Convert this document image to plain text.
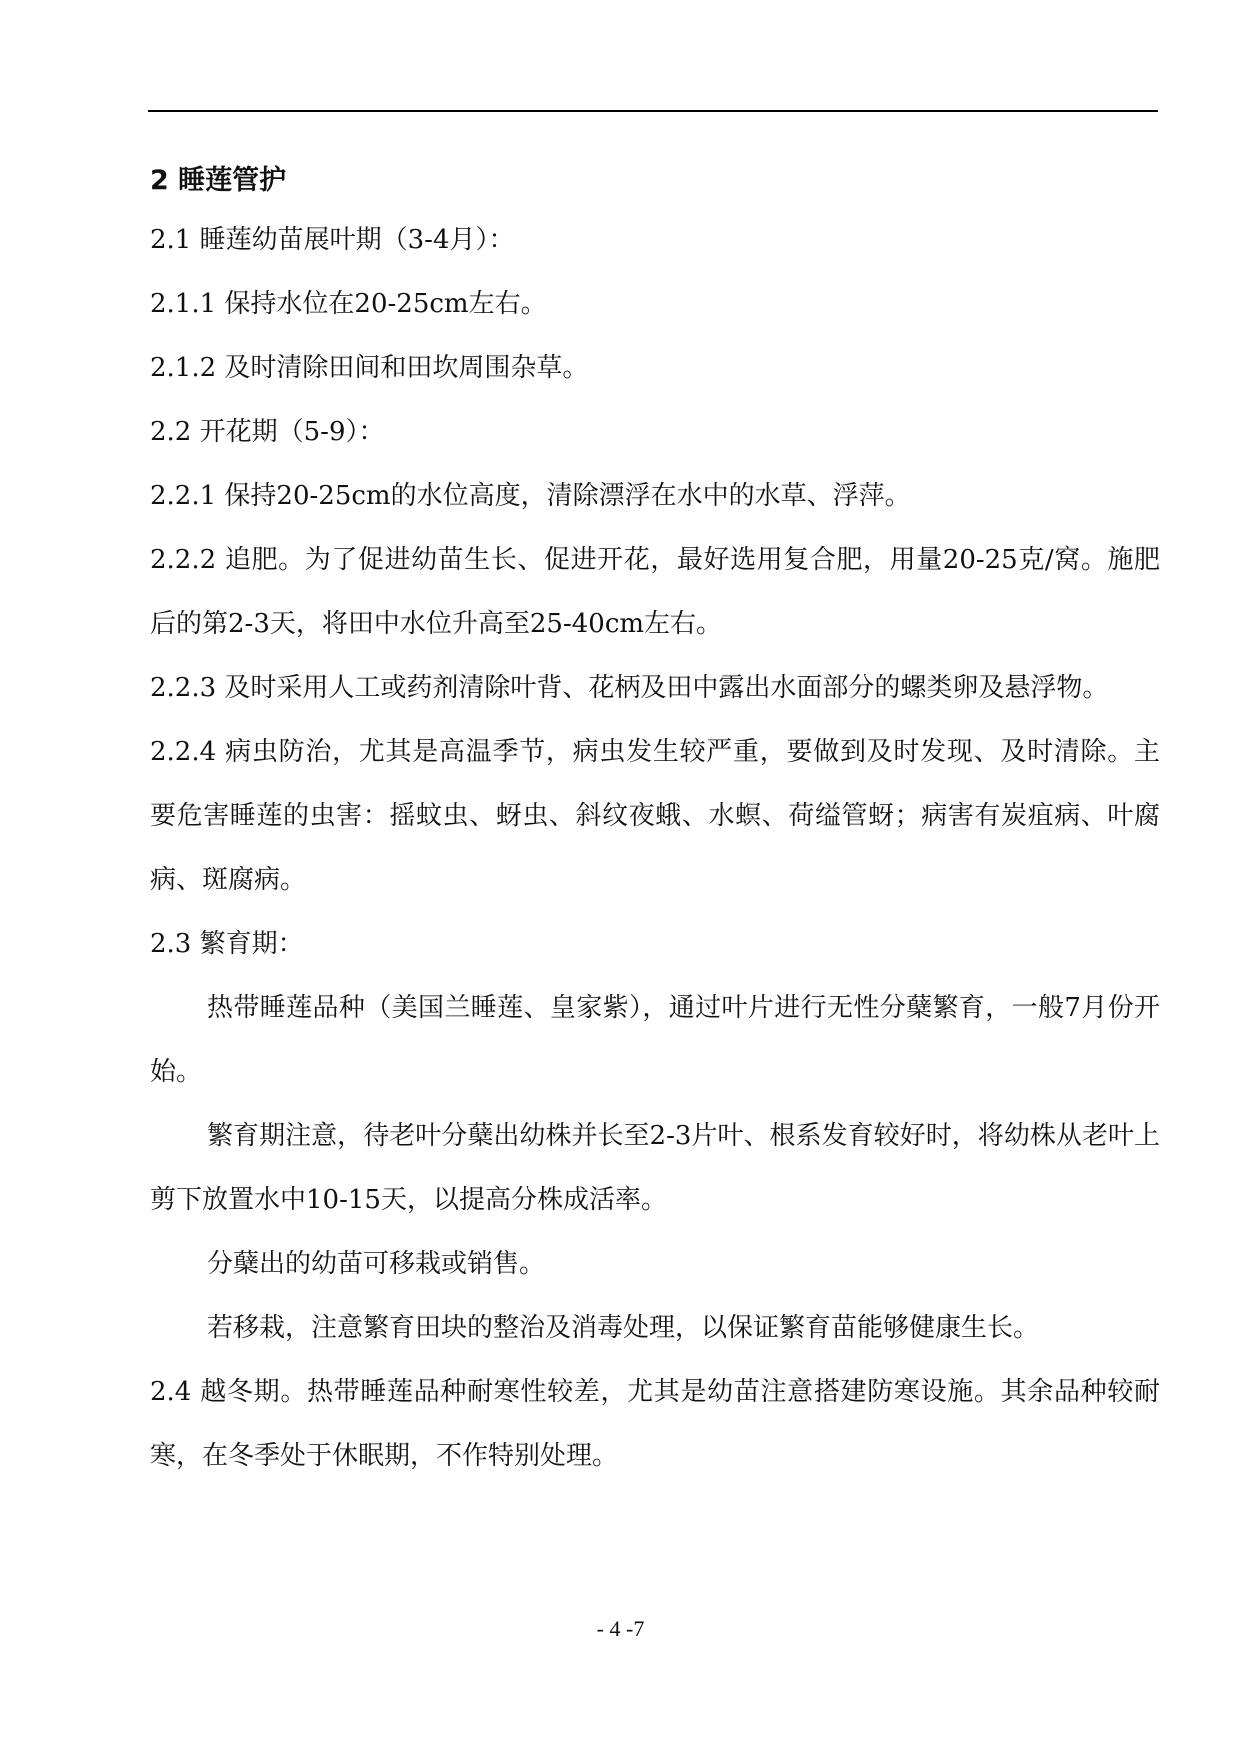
2 睡莲管护

2.1 睡莲幼苗展叶期（3-4月）：

2.1.1 保持水位在20-25cm左右。

2.1.2 及时清除田间和田坎周围杂草。

2.2 开花期（5-9）：

2.2.1 保持20-25cm的水位高度，清除漂浮在水中的水草、浮萍。

2.2.2 追肥。为了促进幼苗生长、促进开花，最好选用复合肥，用量20-25克/窝。施肥后的第2-3天，将田中水位升高至25-40cm左右。

2.2.3 及时采用人工或药剂清除叶背、花柄及田中露出水面部分的螺类卵及悬浮物。

2.2.4 病虫防治，尤其是高温季节，病虫发生较严重，要做到及时发现、及时清除。主要危害睡莲的虫害：摇蚊虫、蚜虫、斜纹夜蛾、水螟、荷缢管蚜；病害有炭疽病、叶腐病、斑腐病。

2.3 繁育期：

热带睡莲品种（美国兰睡莲、皇家紫），通过叶片进行无性分蘖繁育，一般7月份开始。

繁育期注意，待老叶分蘖出幼株并长至2-3片叶、根系发育较好时，将幼株从老叶上剪下放置水中10-15天，以提高分株成活率。

分蘖出的幼苗可移栽或销售。

若移栽，注意繁育田块的整治及消毒处理，以保证繁育苗能够健康生长。

2.4 越冬期。热带睡莲品种耐寒性较差，尤其是幼苗注意搭建防寒设施。其余品种较耐寒，在冬季处于休眠期，不作特别处理。

- 4 -7
